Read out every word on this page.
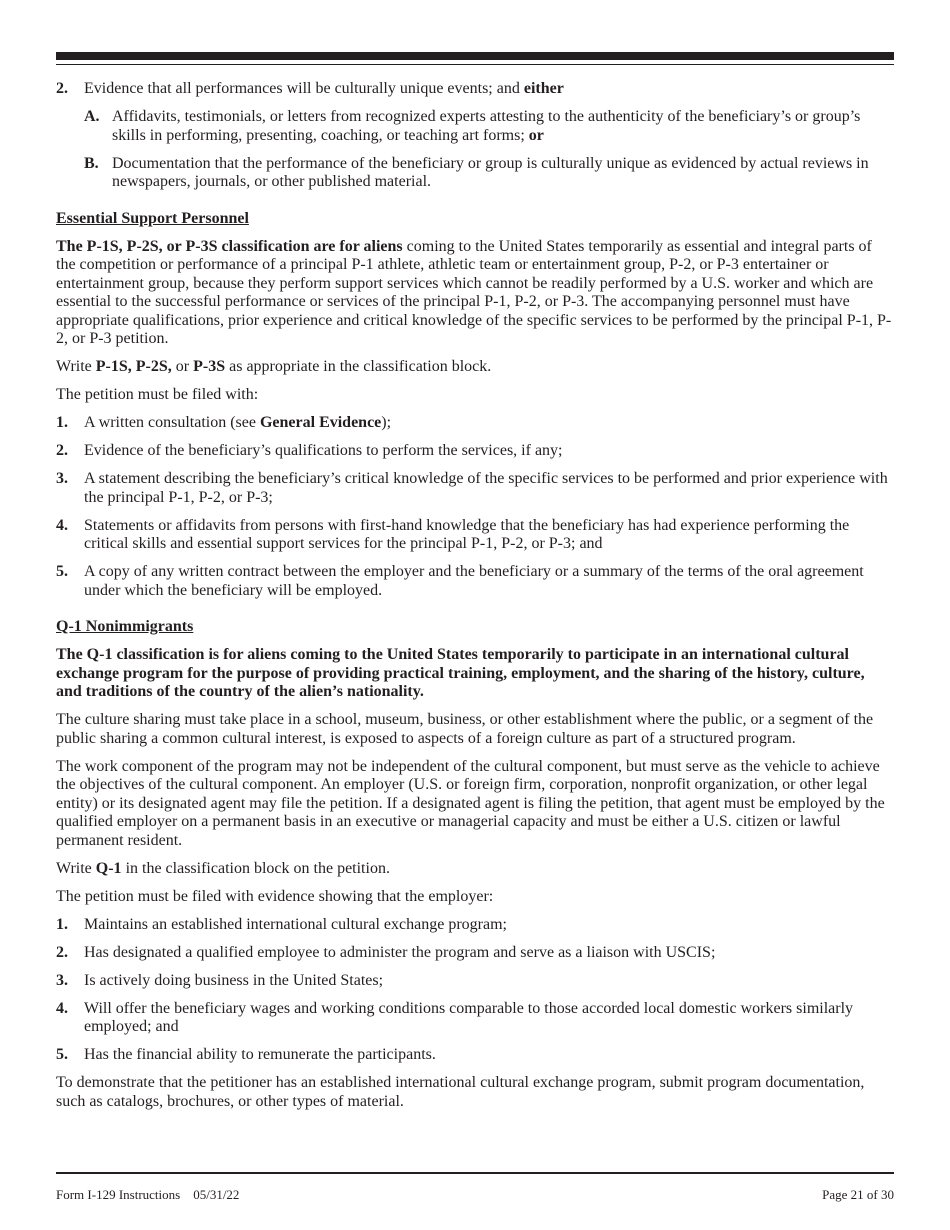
2.	Evidence that all performances will be culturally unique events; and either
A. Affidavits, testimonials, or letters from recognized experts attesting to the authenticity of the beneficiary’s or group’s skills in performing, presenting, coaching, or teaching art forms; or
B. Documentation that the performance of the beneficiary or group is culturally unique as evidenced by actual reviews in newspapers, journals, or other published material.
Essential Support Personnel

The P-1S, P-2S, or P-3S classification are for aliens coming to the United States temporarily as essential and integral parts of the competition or performance of a principal P-1 athlete, athletic team or entertainment group, P-2, or P-3 entertainer or entertainment group, because they perform support services which cannot be readily performed by a U.S. worker and which are essential to the successful performance or services of the principal P-1, P-2, or P-3. The accompanying personnel must have appropriate qualifications, prior experience and critical knowledge of the specific services to be performed by the principal P-1, P-2, or P-3 petition.

Write P-1S, P-2S, or P-3S as appropriate in the classification block.

The petition must be filed with:

1.	A written consultation (see General Evidence);
2.	Evidence of the beneficiary’s qualifications to perform the services, if any;
3.	A statement describing the beneficiary’s critical knowledge of the specific services to be performed and prior experience with the principal P-1, P-2, or P-3;
4.	Statements or affidavits from persons with first-hand knowledge that the beneficiary has had experience performing the critical skills and essential support services for the principal P-1, P-2, or P-3; and
5.	A copy of any written contract between the employer and the beneficiary or a summary of the terms of the oral agreement under which the beneficiary will be employed.
Q-1 Nonimmigrants

The Q-1 classification is for aliens coming to the United States temporarily to participate in an international cultural exchange program for the purpose of providing practical training, employment, and the sharing of the history, culture, and traditions of the country of the alien’s nationality.

The culture sharing must take place in a school, museum, business, or other establishment where the public, or a segment of the public sharing a common cultural interest, is exposed to aspects of a foreign culture as part of a structured program.

The work component of the program may not be independent of the cultural component, but must serve as the vehicle to achieve the objectives of the cultural component. An employer (U.S. or foreign firm, corporation, nonprofit organization, or other legal entity) or its designated agent may file the petition. If a designated agent is filing the petition, that agent must be employed by the qualified employer on a permanent basis in an executive or managerial capacity and must be either a U.S. citizen or lawful permanent resident.

Write Q-1 in the classification block on the petition.

The petition must be filed with evidence showing that the employer:

1.	Maintains an established international cultural exchange program;
2.	Has designated a qualified employee to administer the program and serve as a liaison with USCIS;
3.	Is actively doing business in the United States;
4.	Will offer the beneficiary wages and working conditions comparable to those accorded local domestic workers similarly employed; and
5.	Has the financial ability to remunerate the participants.

To demonstrate that the petitioner has an established international cultural exchange program, submit program documentation, such as catalogs, brochures, or other types of material.

Form I-129 Instructions    05/31/22	Page 21 of 30
